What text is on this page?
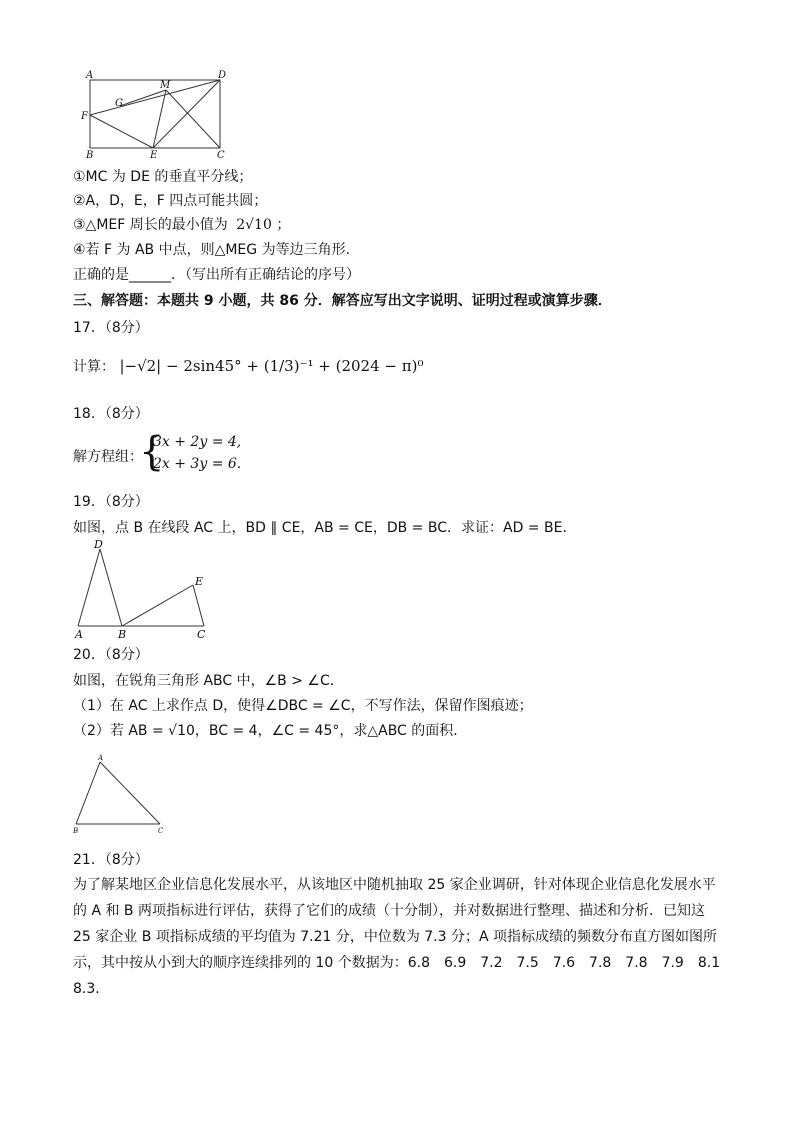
A	D
G
M
F
B	E	C
①MC 为 DE 的垂直平分线；
②A，D，E，F 四点可能共圆；
③△MEF 周长的最小值为 2√10 ；
④若 F 为 AB 中点，则△MEG 为等边三角形．
正确的是______．（写出所有正确结论的序号）
三、解答题：本题共 9 小题，共 86 分．解答应写出文字说明、证明过程或演算步骤．
17．（8分）
计算： |−√2| − 2sin45° + (1/3)⁻¹ + (2024 − π)⁰
18．（8分）
解方程组：
{
3x + 2y = 4,
2x + 3y = 6.
19．（8分）
如图，点 B 在线段 AC 上，BD ∥ CE，AB = CE，DB = BC．求证：AD = BE．
D
E
A	B	C
20．（8分）
如图，在锐角三角形 ABC 中，∠B > ∠C．
（1）在 AC 上求作点 D，使得∠DBC = ∠C，不写作法，保留作图痕迹；
（2）若 AB = √10，BC = 4，∠C = 45°，求△ABC 的面积．
A
B	C
21．（8分）
为了解某地区企业信息化发展水平，从该地区中随机抽取 25 家企业调研，针对体现企业信息化发展水平的 A 和 B 两项指标进行评估，获得了它们的成绩（十分制），并对数据进行整理、描述和分析．已知这 25 家企业 B 项指标成绩的平均值为 7.21 分，中位数为 7.3 分；A 项指标成绩的频数分布直方图如图所示，其中按从小到大的顺序连续排列的 10 个数据为：6.8　6.9　7.2　7.5　7.6　7.8　7.8　7.9　8.1　8.3．
